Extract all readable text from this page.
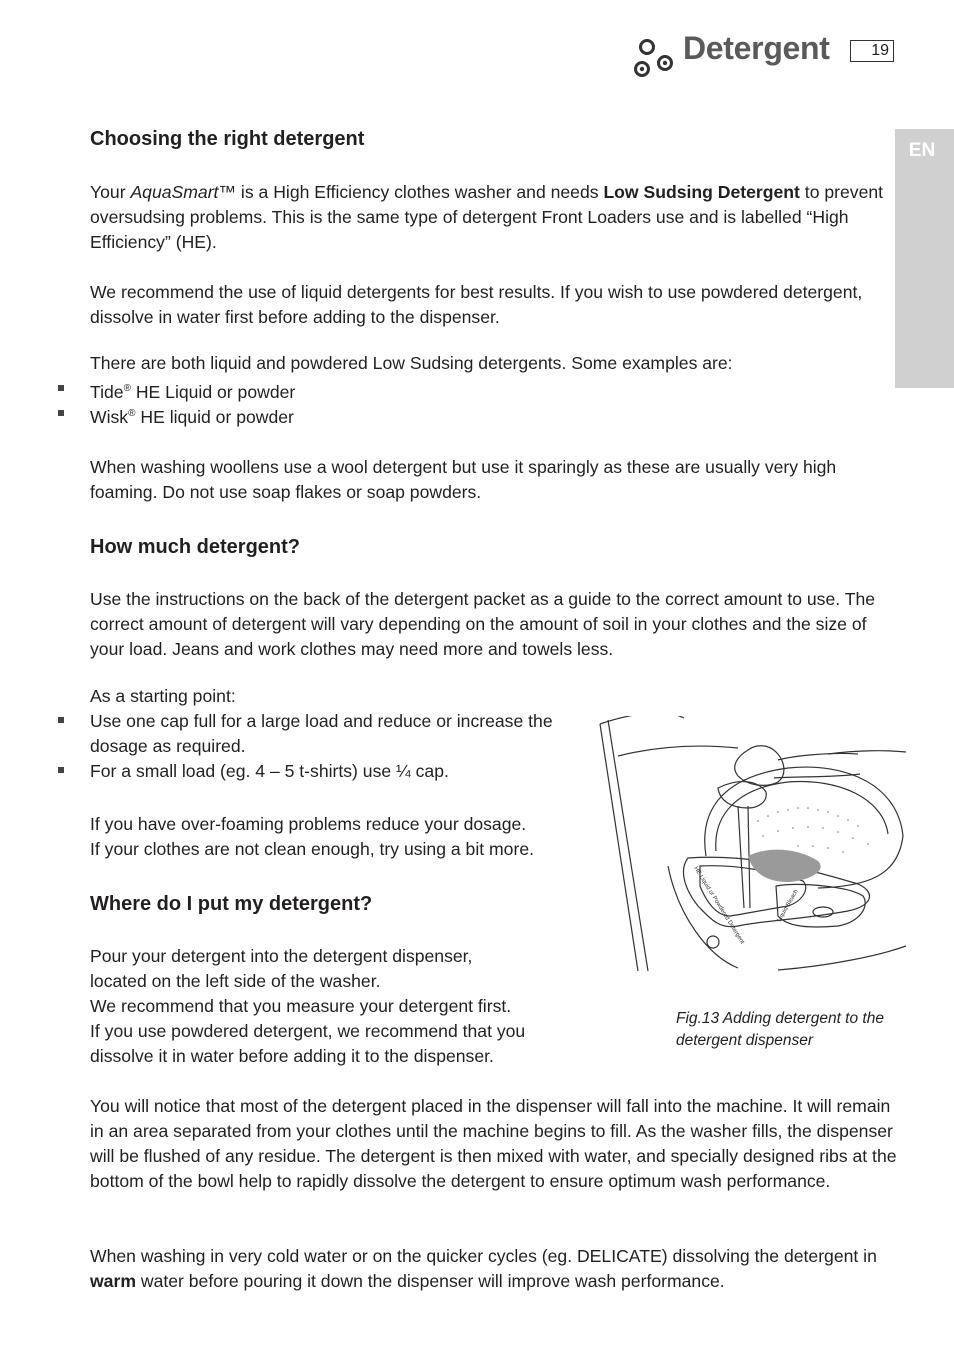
Detergent	19
EN
Choosing the right detergent

Your AquaSmart™ is a High Efficiency clothes washer and needs Low Sudsing Detergent to prevent oversudsing problems. This is the same type of detergent Front Loaders use and is labelled “High Efficiency” (HE).

We recommend the use of liquid detergents for best results. If you wish to use powdered detergent, dissolve in water first before adding to the dispenser.

There are both liquid and powdered Low Sudsing detergents. Some examples are:

Tide® HE Liquid or powder

Wisk® HE liquid or powder

When washing woollens use a wool detergent but use it sparingly as these are usually very high foaming. Do not use soap flakes or soap powders.

How much detergent?

Use the instructions on the back of the detergent packet as a guide to the correct amount to use. The correct amount of detergent will vary depending on the amount of soil in your clothes and the size of your load. Jeans and work clothes may need more and towels less.

As a starting point:

Use one cap full for a large load and reduce or increase the dosage as required.

For a small load (eg. 4 – 5 t-shirts) use ¼ cap.

If you have over-foaming problems reduce your dosage.

If your clothes are not clean enough, try using a bit more.

Where do I put my detergent?

Pour your detergent into the detergent dispenser, located on the left side of the washer.

We recommend that you measure your detergent first.

If you use powdered detergent, we recommend that you dissolve it in water before adding it to the dispenser.

You will notice that most of the detergent placed in the dispenser will fall into the machine. It will remain in an area separated from your clothes until the machine begins to fill. As the washer fills, the dispenser will be flushed of any residue. The detergent is then mixed with water, and specially designed ribs at the bottom of the bowl help to rapidly dissolve the detergent to ensure optimum wash performance.

When washing in very cold water or on the quicker cycles (eg. DELICATE) dissolving the detergent in warm water before pouring it down the dispenser will improve wash performance.

HE Liquid or Powdered Detergent	Liquid Bleach
Fig.13 Adding detergent to the detergent dispenser
